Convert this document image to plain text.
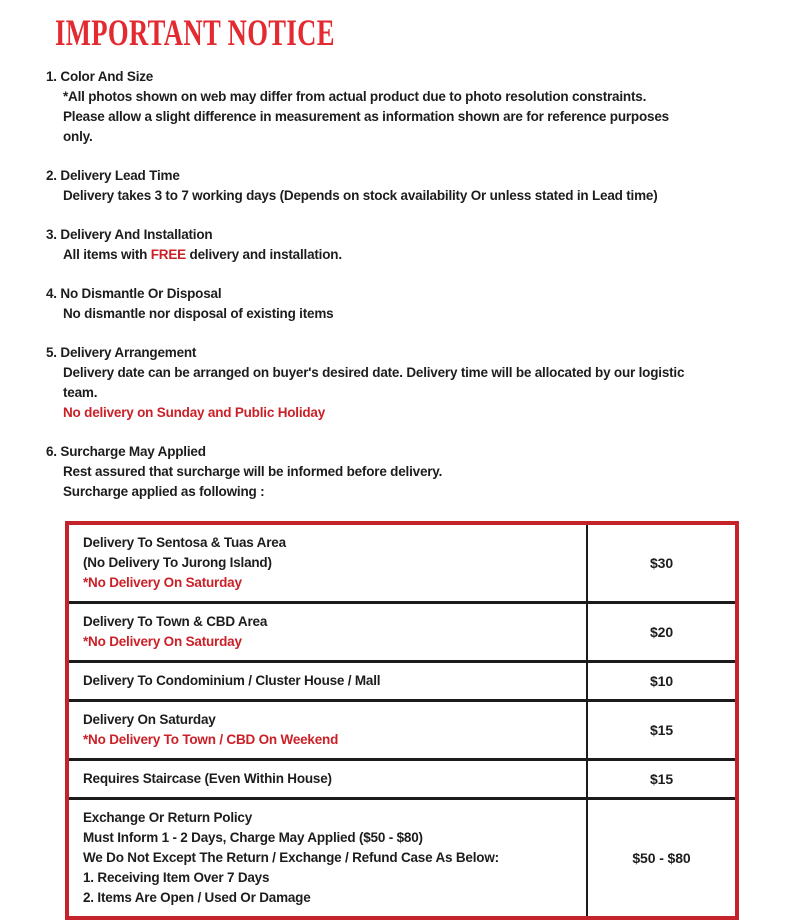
IMPORTANT NOTICE
1. Color And Size
*All photos shown on web may differ from actual product due to photo resolution constraints.
Please allow a slight difference in measurement as information shown are for reference purposes
only.
2. Delivery Lead Time
Delivery takes 3 to 7 working days (Depends on stock availability Or unless stated in Lead time)
3. Delivery And Installation
All items with FREE delivery and installation.
4. No Dismantle Or Disposal
No dismantle nor disposal of existing items
5. Delivery Arrangement
Delivery date can be arranged on buyer's desired date. Delivery time will be allocated by our logistic
team.
No delivery on Sunday and Public Holiday
6. Surcharge May Applied
Rest assured that surcharge will be informed before delivery.
Surcharge applied as following :
Delivery To Sentosa & Tuas Area
(No Delivery To Jurong Island)
*No Delivery On Saturday
$30
Delivery To Town & CBD Area
*No Delivery On Saturday
$20
Delivery To Condominium / Cluster House / Mall	$10
Delivery On Saturday
*No Delivery To Town / CBD On Weekend
$15
Requires Staircase (Even Within House)	$15
Exchange Or Return Policy
Must Inform 1 - 2 Days, Charge May Applied ($50 - $80)
We Do Not Except The Return / Exchange / Refund Case As Below:
1. Receiving Item Over 7 Days
2. Items Are Open / Used Or Damage
$50 - $80
